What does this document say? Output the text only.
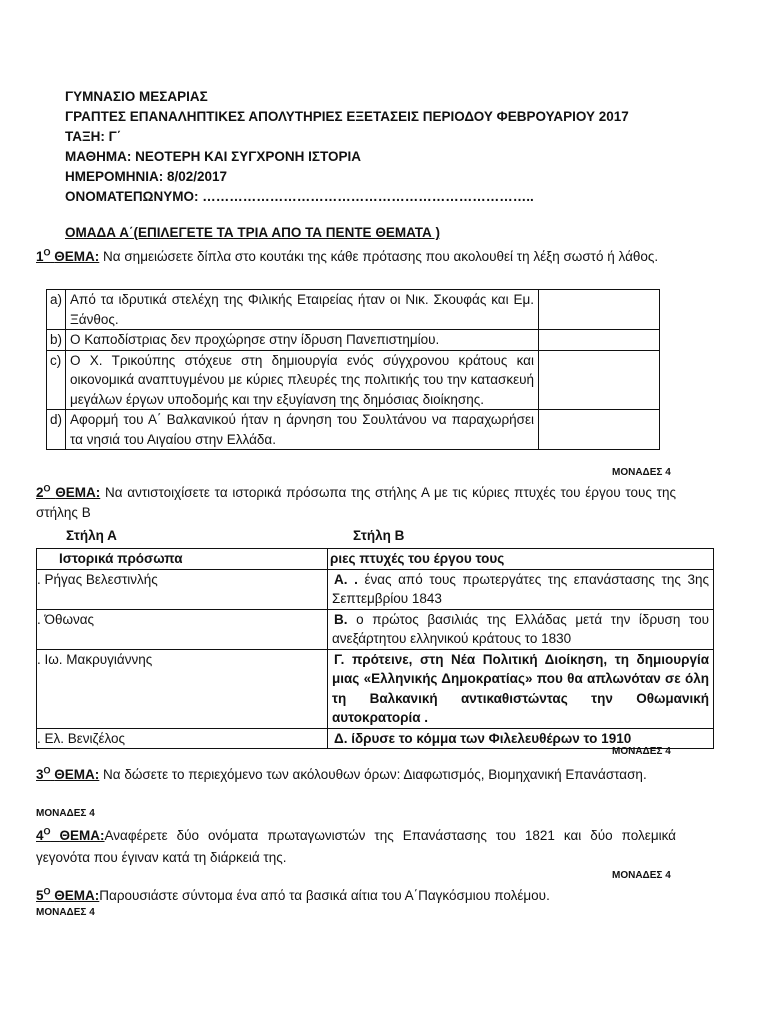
ΓΥΜΝΑΣΙΟ ΜΕΣΑΡΙΑΣ
ΓΡΑΠΤΕΣ ΕΠΑΝΑΛΗΠΤΙΚΕΣ ΑΠΟΛΥΤΗΡΙΕΣ ΕΞΕΤΑΣΕΙΣ ΠΕΡΙΟΔΟΥ ΦΕΒΡΟΥΑΡΙΟΥ 2017
ΤΑΞΗ: Γ΄
ΜΑΘΗΜΑ: ΝΕΟΤΕΡΗ ΚΑΙ ΣΥΓΧΡΟΝΗ ΙΣΤΟΡΙΑ
ΗΜΕΡΟΜΗΝΙΑ: 8/02/2017
ΟΝΟΜΑΤΕΠΩΝΥΜΟ: ………………………………………………………………..
ΟΜΑΔΑ Α΄(ΕΠΙΛΕΓΕΤΕ ΤΑ ΤΡΙΑ ΑΠΟ ΤΑ ΠΕΝΤΕ ΘΕΜΑΤΑ )
$1^O$ ΘΕΜΑ: Να σημειώσετε δίπλα στο κουτάκι της κάθε πρότασης που ακολουθεί τη λέξη σωστό ή λάθος.
a)	Από τα ιδρυτικά στελέχη της Φιλικής Εταιρείας ήταν οι Νικ. Σκουφάς και Εμ. Ξάνθος.	
b)	Ο Καποδίστριας δεν προχώρησε στην ίδρυση Πανεπιστημίου.	
c)	Ο Χ. Τρικούπης στόχευε στη δημιουργία ενός σύγχρονου κράτους και οικονομικά αναπτυγμένου με κύριες πλευρές της πολιτικής του την κατασκευή μεγάλων έργων υποδομής και την εξυγίανση της δημόσιας διοίκησης.	
d)	Αφορμή του Α΄ Βαλκανικού ήταν η άρνηση του Σουλτάνου να παραχωρήσει τα νησιά του Αιγαίου στην Ελλάδα.	
ΜΟΝΑΔΕΣ 4
$2^O$ ΘΕΜΑ: Να αντιστοιχίσετε τα ιστορικά πρόσωπα της στήλης Α με τις κύριες πτυχές του έργου τους της στήλης Β
Στήλη Α	Στήλη Β
Ιστορικά πρόσωπα	ριες πτυχές του έργου τους
. Ρήγας Βελεστινλής	Α. . ένας από τους πρωτεργάτες της επανάστασης της 3ης Σεπτεμβρίου 1843
. Όθωνας	Β. ο πρώτος βασιλιάς της Ελλάδας μετά την ίδρυση του ανεξάρτητου ελληνικού κράτους το 1830
. Ιω. Μακρυγιάννης	Γ. πρότεινε, στη Νέα Πολιτική Διοίκηση, τη δημιουργία μιας «Ελληνικής Δημοκρατίας» που θα απλωνόταν σε όλη τη Βαλκανική αντικαθιστώντας την Οθωμανική αυτοκρατορία .
. Ελ. Βενιζέλος	Δ. ίδρυσε το κόμμα των Φιλελευθέρων το 1910
ΜΟΝΑΔΕΣ 4
$3^O$ ΘΕΜΑ: Να δώσετε το περιεχόμενο των ακόλουθων όρων: Διαφωτισμός, Βιομηχανική Επανάσταση.
ΜΟΝΑΔΕΣ 4
$4^O$ ΘΕΜΑ:Αναφέρετε δύο ονόματα πρωταγωνιστών της Επανάστασης του 1821 και δύο πολεμικά γεγονότα που έγιναν κατά τη διάρκειά της.
ΜΟΝΑΔΕΣ 4
$5^O$ ΘΕΜΑ:Παρουσιάστε σύντομα ένα από τα βασικά αίτια του Α΄Παγκόσμιου πολέμου.
ΜΟΝΑΔΕΣ 4
